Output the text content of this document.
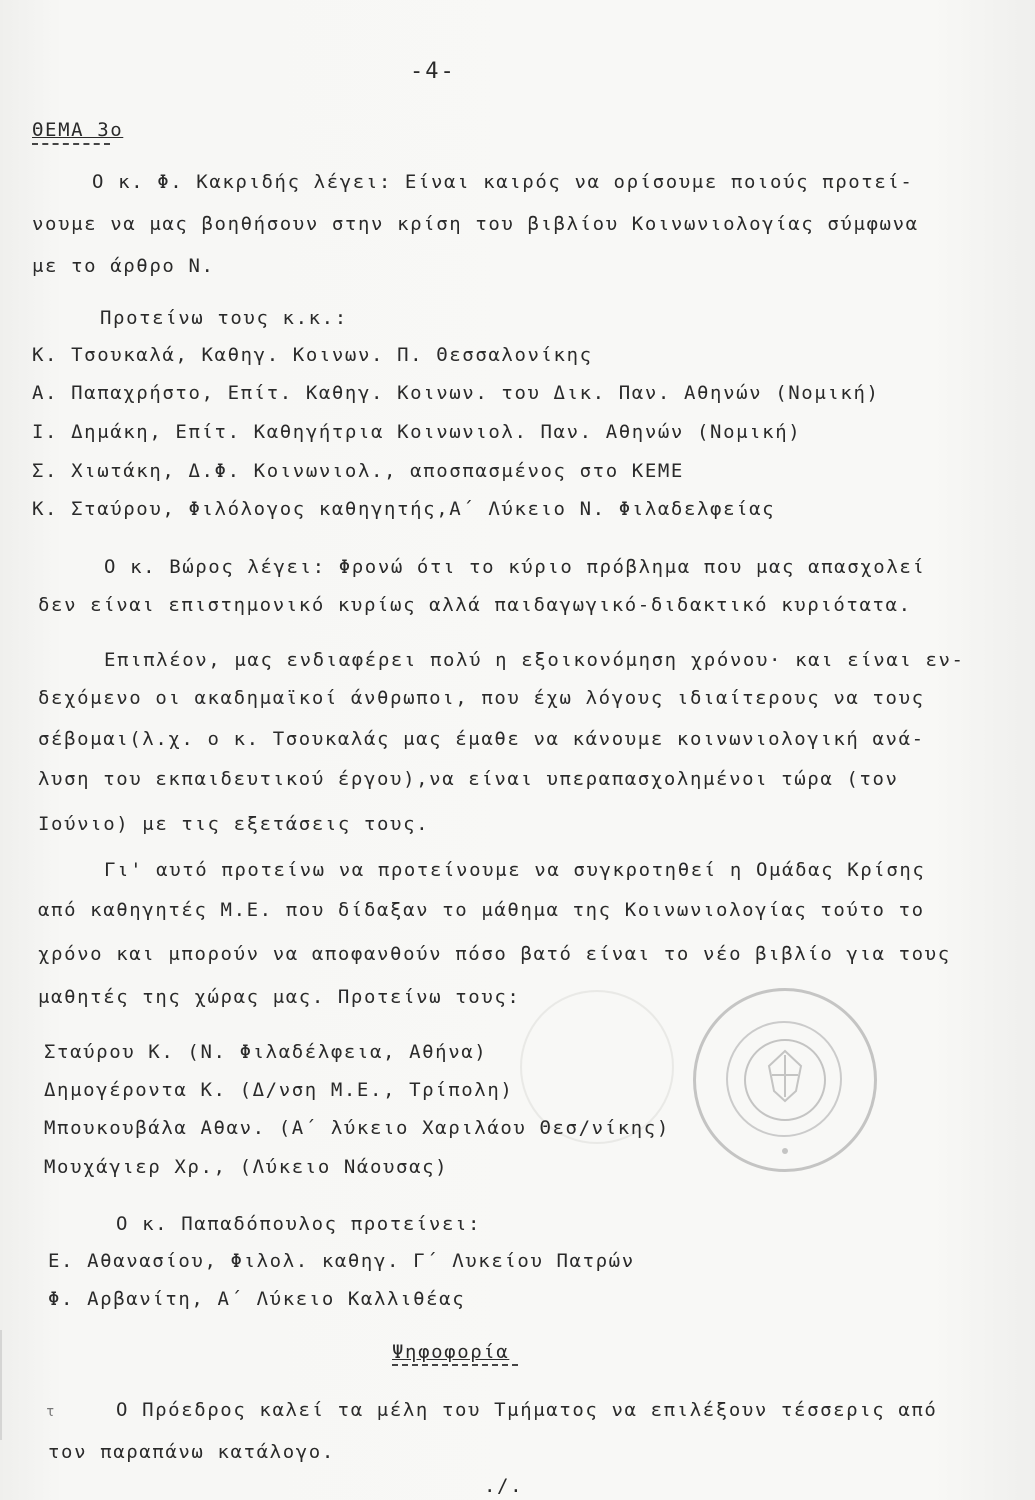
-4-
ΘΕΜΑ 3ο
Ο κ. Φ. Κακριδής λέγει: Είναι καιρός να ορίσουμε ποιούς προτεί-
νουμε να μας βοηθήσουν στην κρίση του βιβλίου Κοινωνιολογίας σύμφωνα
με το άρθρο Ν.
Προτείνω τους κ.κ.:
Κ. Τσουκαλά, Καθηγ. Κοινων. Π. Θεσσαλονίκης
Α. Παπαχρήστο, Επίτ. Καθηγ. Κοινων. του Δικ. Παν. Αθηνών (Νομική)
Ι. Δημάκη, Επίτ. Καθηγήτρια Κοινωνιολ. Παν. Αθηνών (Νομική)
Σ. Χιωτάκη, Δ.Φ. Κοινωνιολ., αποσπασμένος στο ΚΕΜΕ
Κ. Σταύρου, Φιλόλογος καθηγητής,Α΄ Λύκειο Ν. Φιλαδελφείας
Ο κ. Βώρος λέγει: Φρονώ ότι το κύριο πρόβλημα που μας απασχολεί
δεν είναι επιστημονικό κυρίως αλλά παιδαγωγικό-διδακτικό κυριότατα.
Επιπλέον, μας ενδιαφέρει πολύ η εξοικονόμηση χρόνου· και είναι εν-
δεχόμενο οι ακαδημαϊκοί άνθρωποι, που έχω λόγους ιδιαίτερους να τους
σέβομαι(λ.χ. ο κ. Τσουκαλάς μας έμαθε να κάνουμε κοινωνιολογική ανά-
λυση του εκπαιδευτικού έργου),να είναι υπεραπασχολημένοι τώρα (τον
Ιούνιο) με τις εξετάσεις τους.
Γι' αυτό προτείνω να προτείνουμε να συγκροτηθεί η Ομάδας Κρίσης
από καθηγητές Μ.Ε. που δίδαξαν το μάθημα της Κοινωνιολογίας τούτο το
χρόνο και μπορούν να αποφανθούν πόσο βατό είναι το νέο βιβλίο για τους
μαθητές της χώρας μας. Προτείνω τους:
Σταύρου Κ. (Ν. Φιλαδέλφεια, Αθήνα)
Δημογέροντα Κ. (Δ/νση Μ.Ε., Τρίπολη)
Μπουκουβάλα Αθαν. (Α΄ λύκειο Χαριλάου Θεσ/νίκης)
Μουχάγιερ Χρ., (Λύκειο Νάουσας)
Ο κ. Παπαδόπουλος προτείνει:
Ε. Αθανασίου, Φιλολ. καθηγ. Γ΄ Λυκείου Πατρών
Φ. Αρβανίτη, Α΄ Λύκειο Καλλιθέας
Ψηφοφορία
τ	Ο Πρόεδρος καλεί τα μέλη του Τμήματος να επιλέξουν τέσσερις από
τον παραπάνω κατάλογο.
./.
